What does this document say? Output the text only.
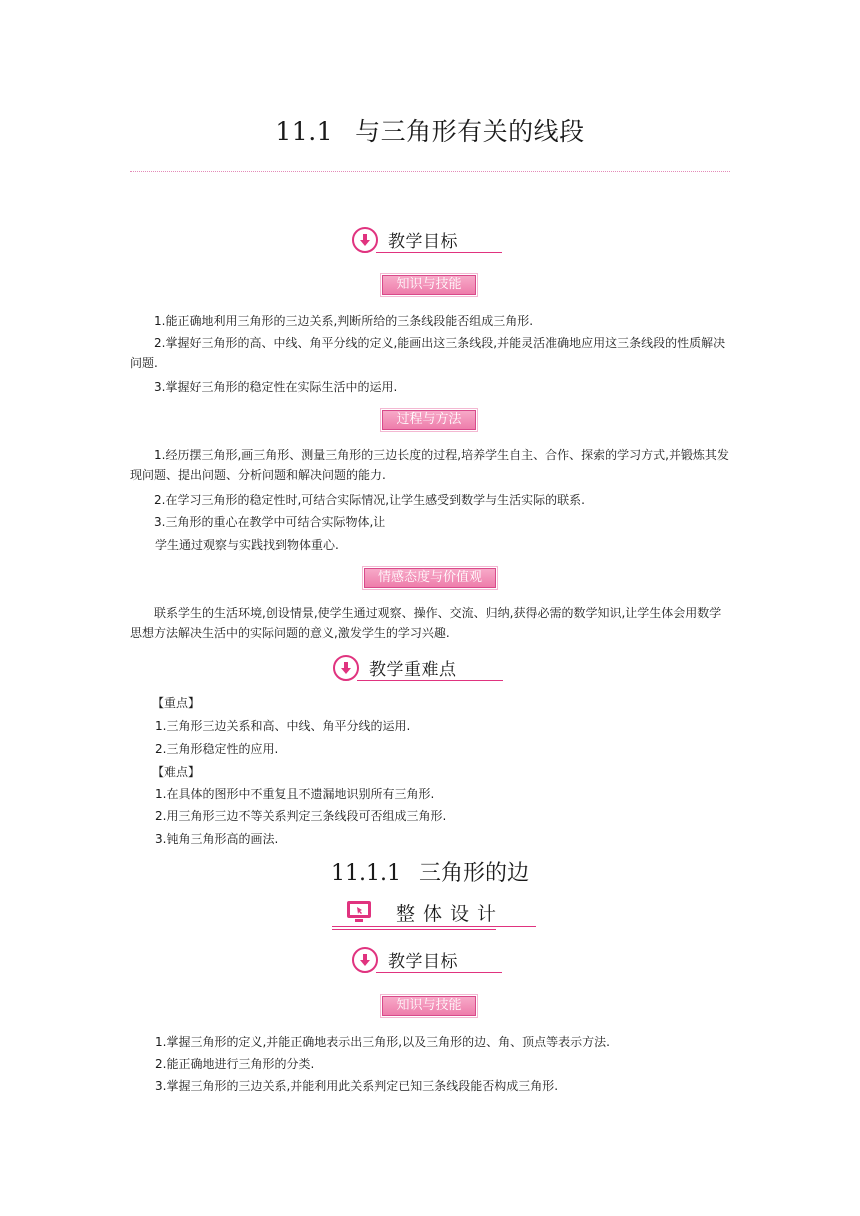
11.1 与三角形有关的线段
教学目标
知识与技能
1.能正确地利用三角形的三边关系,判断所给的三条线段能否组成三角形.
2.掌握好三角形的高、中线、角平分线的定义,能画出这三条线段,并能灵活准确地应用这三条线段的性质解决问题.
3.掌握好三角形的稳定性在实际生活中的运用.
过程与方法
1.经历摆三角形,画三角形、测量三角形的三边长度的过程,培养学生自主、合作、探索的学习方式,并锻炼其发现问题、提出问题、分析问题和解决问题的能力.
2.在学习三角形的稳定性时,可结合实际情况,让学生感受到数学与生活实际的联系.
3.三角形的重心在教学中可结合实际物体,让
学生通过观察与实践找到物体重心.
情感态度与价值观
联系学生的生活环境,创设情景,使学生通过观察、操作、交流、归纳,获得必需的数学知识,让学生体会用数学思想方法解决生活中的实际问题的意义,激发学生的学习兴趣.
教学重难点
【重点】
1.三角形三边关系和高、中线、角平分线的运用.
2.三角形稳定性的应用.
【难点】
1.在具体的图形中不重复且不遗漏地识别所有三角形.
2.用三角形三边不等关系判定三条线段可否组成三角形.
3.钝角三角形高的画法.
11.1.1 三角形的边
整体设计
教学目标
知识与技能
1.掌握三角形的定义,并能正确地表示出三角形,以及三角形的边、角、顶点等表示方法.
2.能正确地进行三角形的分类.
3.掌握三角形的三边关系,并能利用此关系判定已知三条线段能否构成三角形.
